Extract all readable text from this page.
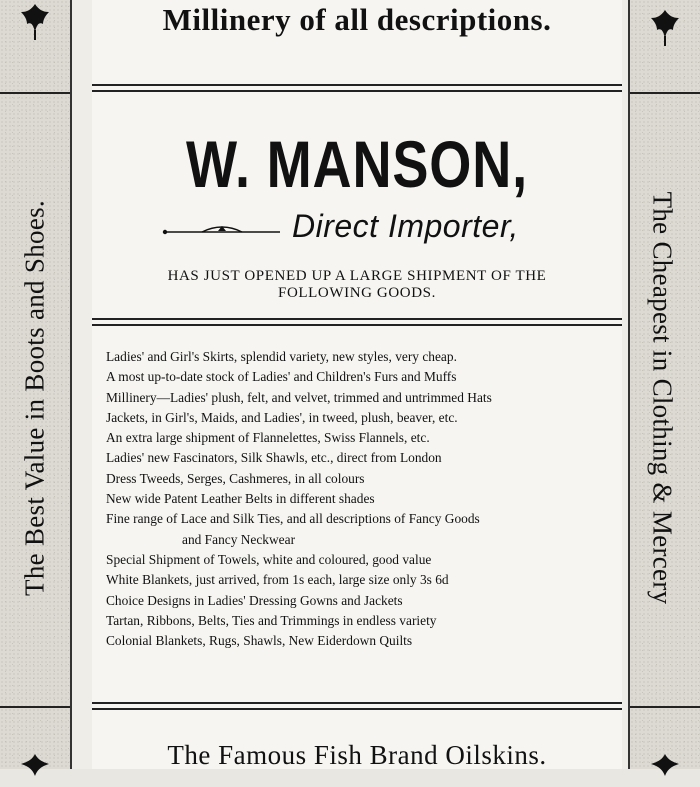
The Best Value in Boots and Shoes.	The Cheapest in Clothing & Mercery
Millinery of all descriptions.
W. MANSON,
Direct Importer,
HAS JUST OPENED UP A LARGE SHIPMENT OF THE
FOLLOWING GOODS.
Ladies' and Girl's Skirts, splendid variety, new styles, very cheap.
A most up-to-date stock of Ladies' and Children's Furs and Muffs
Millinery—Ladies' plush, felt, and velvet, trimmed and untrimmed Hats
Jackets, in Girl's, Maids, and Ladies', in tweed, plush, beaver, etc.
An extra large shipment of Flannelettes, Swiss Flannels, etc.
Ladies' new Fascinators, Silk Shawls, etc., direct from London
Dress Tweeds, Serges, Cashmeres, in all colours
New wide Patent Leather Belts in different shades
Fine range of Lace and Silk Ties, and all descriptions of Fancy Goods
and Fancy Neckwear
Special Shipment of Towels, white and coloured, good value
White Blankets, just arrived, from 1s each, large size only 3s 6d
Choice Designs in Ladies' Dressing Gowns and Jackets
Tartan, Ribbons, Belts, Ties and Trimmings in endless variety
Colonial Blankets, Rugs, Shawls, New Eiderdown Quilts
The Famous Fish Brand Oilskins.
